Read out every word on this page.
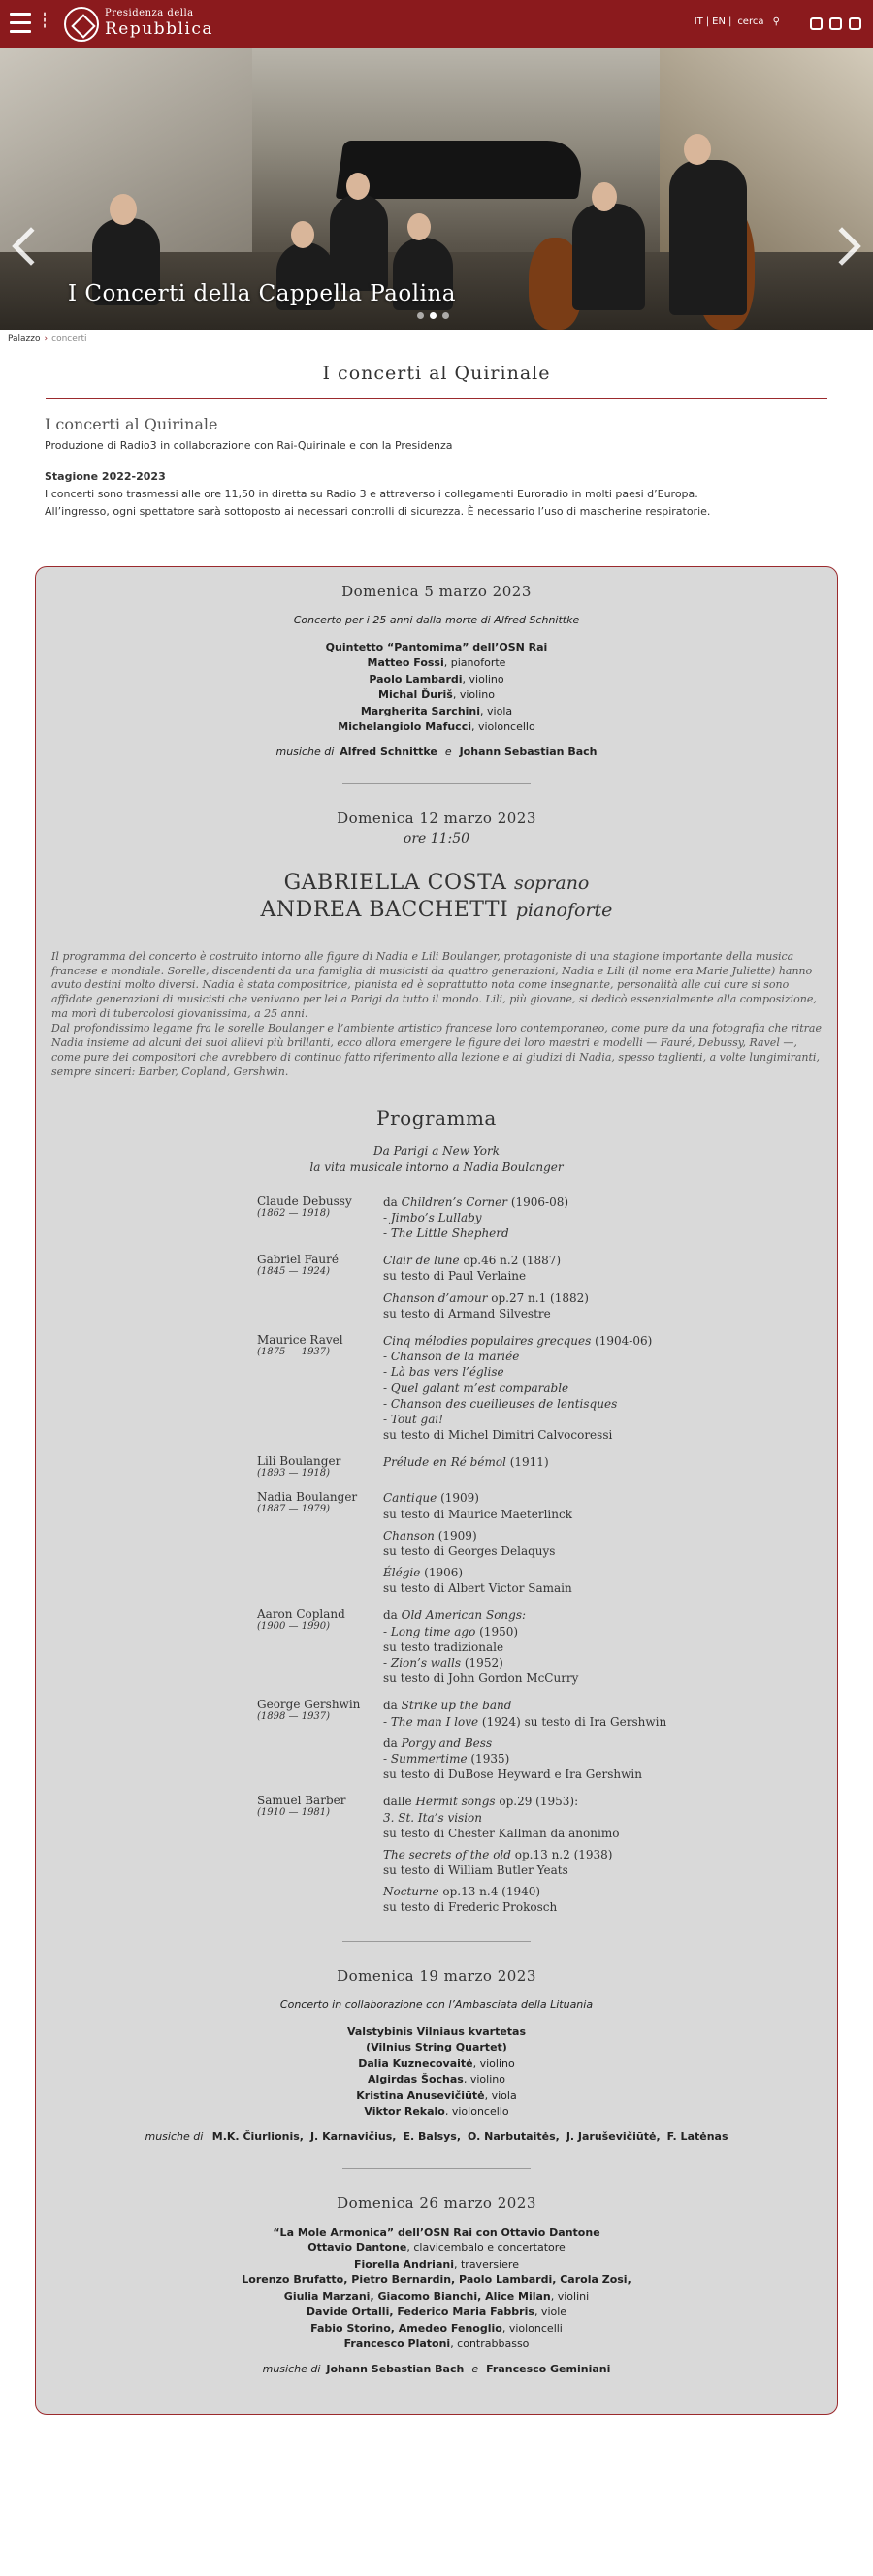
▮
▮
▮
Presidenza della
Repubblica	IT | EN | cerca ⚲
I Concerti della Cappella Paolina
Palazzo › concerti
I concerti al Quirinale
I concerti al Quirinale

Produzione di Radio3 in collaborazione con Rai-Quirinale e con la Presidenza

Stagione 2022-2023

I concerti sono trasmessi alle ore 11,50 in diretta su Radio 3 e attraverso i collegamenti Euroradio in molti paesi d’Europa.

All’ingresso, ogni spettatore sarà sottoposto ai necessari controlli di sicurezza. È necessario l’uso di mascherine respiratorie.

Domenica 5 marzo 2023
Concerto per i 25 anni dalla morte di Alfred Schnittke
Quintetto “Pantomima” dell’OSN Rai
Matteo Fossi, pianoforte
Paolo Lambardi, violino
Michal Ďuriš, violino
Margherita Sarchini, viola
Michelangiolo Mafucci, violoncello
musiche di Alfred Schnittke e Johann Sebastian Bach
Domenica 12 marzo 2023
ore 11:50
GABRIELLA COSTA soprano
ANDREA BACCHETTI pianoforte
Il programma del concerto è costruito intorno alle figure di Nadia e Lili Boulanger, protagoniste di una stagione importante della musica francese e mondiale. Sorelle, discendenti da una famiglia di musicisti da quattro generazioni, Nadia e Lili (il nome era Marie Juliette) hanno avuto destini molto diversi. Nadia è stata compositrice, pianista ed è soprattutto nota come insegnante, personalità alle cui cure si sono affidate generazioni di musicisti che venivano per lei a Parigi da tutto il mondo. Lili, più giovane, si dedicò essenzialmente alla composizione, ma morì di tubercolosi giovanissima, a 25 anni.
Dal profondissimo legame fra le sorelle Boulanger e l’ambiente artistico francese loro contemporaneo, come pure da una fotografia che ritrae Nadia insieme ad alcuni dei suoi allievi più brillanti, ecco allora emergere le figure dei loro maestri e modelli — Fauré, Debussy, Ravel —, come pure dei compositori che avrebbero di continuo fatto riferimento alla lezione e ai giudizi di Nadia, spesso taglienti, a volte lungimiranti, sempre sinceri: Barber, Copland, Gershwin.
Programma
Da Parigi a New York
la vita musicale intorno a Nadia Boulanger
Claude Debussy
(1862 — 1918)
da Children’s Corner (1906-08)
- Jimbo’s Lullaby
- The Little Shepherd
Gabriel Fauré
(1845 — 1924)
Clair de lune op.46 n.2 (1887)
su testo di Paul Verlaine
Chanson d’amour op.27 n.1 (1882)
su testo di Armand Silvestre
Maurice Ravel
(1875 — 1937)
Cinq mélodies populaires grecques (1904-06)
- Chanson de la mariée
- Là bas vers l’église
- Quel galant m’est comparable
- Chanson des cueilleuses de lentisques
- Tout gai!
su testo di Michel Dimitri Calvocoressi
Lili Boulanger
(1893 — 1918)
Prélude en Ré bémol (1911)
Nadia Boulanger
(1887 — 1979)
Cantique (1909)
su testo di Maurice Maeterlinck
Chanson (1909)
su testo di Georges Delaquys
Élégie (1906)
su testo di Albert Victor Samain
Aaron Copland
(1900 — 1990)
da Old American Songs:
- Long time ago (1950)
su testo tradizionale
- Zion’s walls (1952)
su testo di John Gordon McCurry
George Gershwin
(1898 — 1937)
da Strike up the band
- The man I love (1924) su testo di Ira Gershwin
da Porgy and Bess
- Summertime (1935)
su testo di DuBose Heyward e Ira Gershwin
Samuel Barber
(1910 — 1981)
dalle Hermit songs op.29 (1953):
3. St. Ita’s vision
su testo di Chester Kallman da anonimo
The secrets of the old op.13 n.2 (1938)
su testo di William Butler Yeats
Nocturne op.13 n.4 (1940)
su testo di Frederic Prokosch
Domenica 19 marzo 2023
Concerto in collaborazione con l’Ambasciata della Lituania
Valstybinis Vilniaus kvartetas
(Vilnius String Quartet)
Dalia Kuznecovaitė, violino
Algirdas Šochas, violino
Kristina Anusevičiūtė, viola
Viktor Rekalo, violoncello
musiche di M.K. Čiurlionis, J. Karnavičius, E. Balsys, O. Narbutaitės, J. Jaruševičiūtė, F. Latėnas
Domenica 26 marzo 2023
“La Mole Armonica” dell’OSN Rai con Ottavio Dantone
Ottavio Dantone, clavicembalo e concertatore
Fiorella Andriani, traversiere
Lorenzo Brufatto, Pietro Bernardin, Paolo Lambardi, Carola Zosi,
Giulia Marzani, Giacomo Bianchi, Alice Milan, violini
Davide Ortalli, Federico Maria Fabbris, viole
Fabio Storino, Amedeo Fenoglio, violoncelli
Francesco Platoni, contrabbasso
musiche di Johann Sebastian Bach e Francesco Geminiani
